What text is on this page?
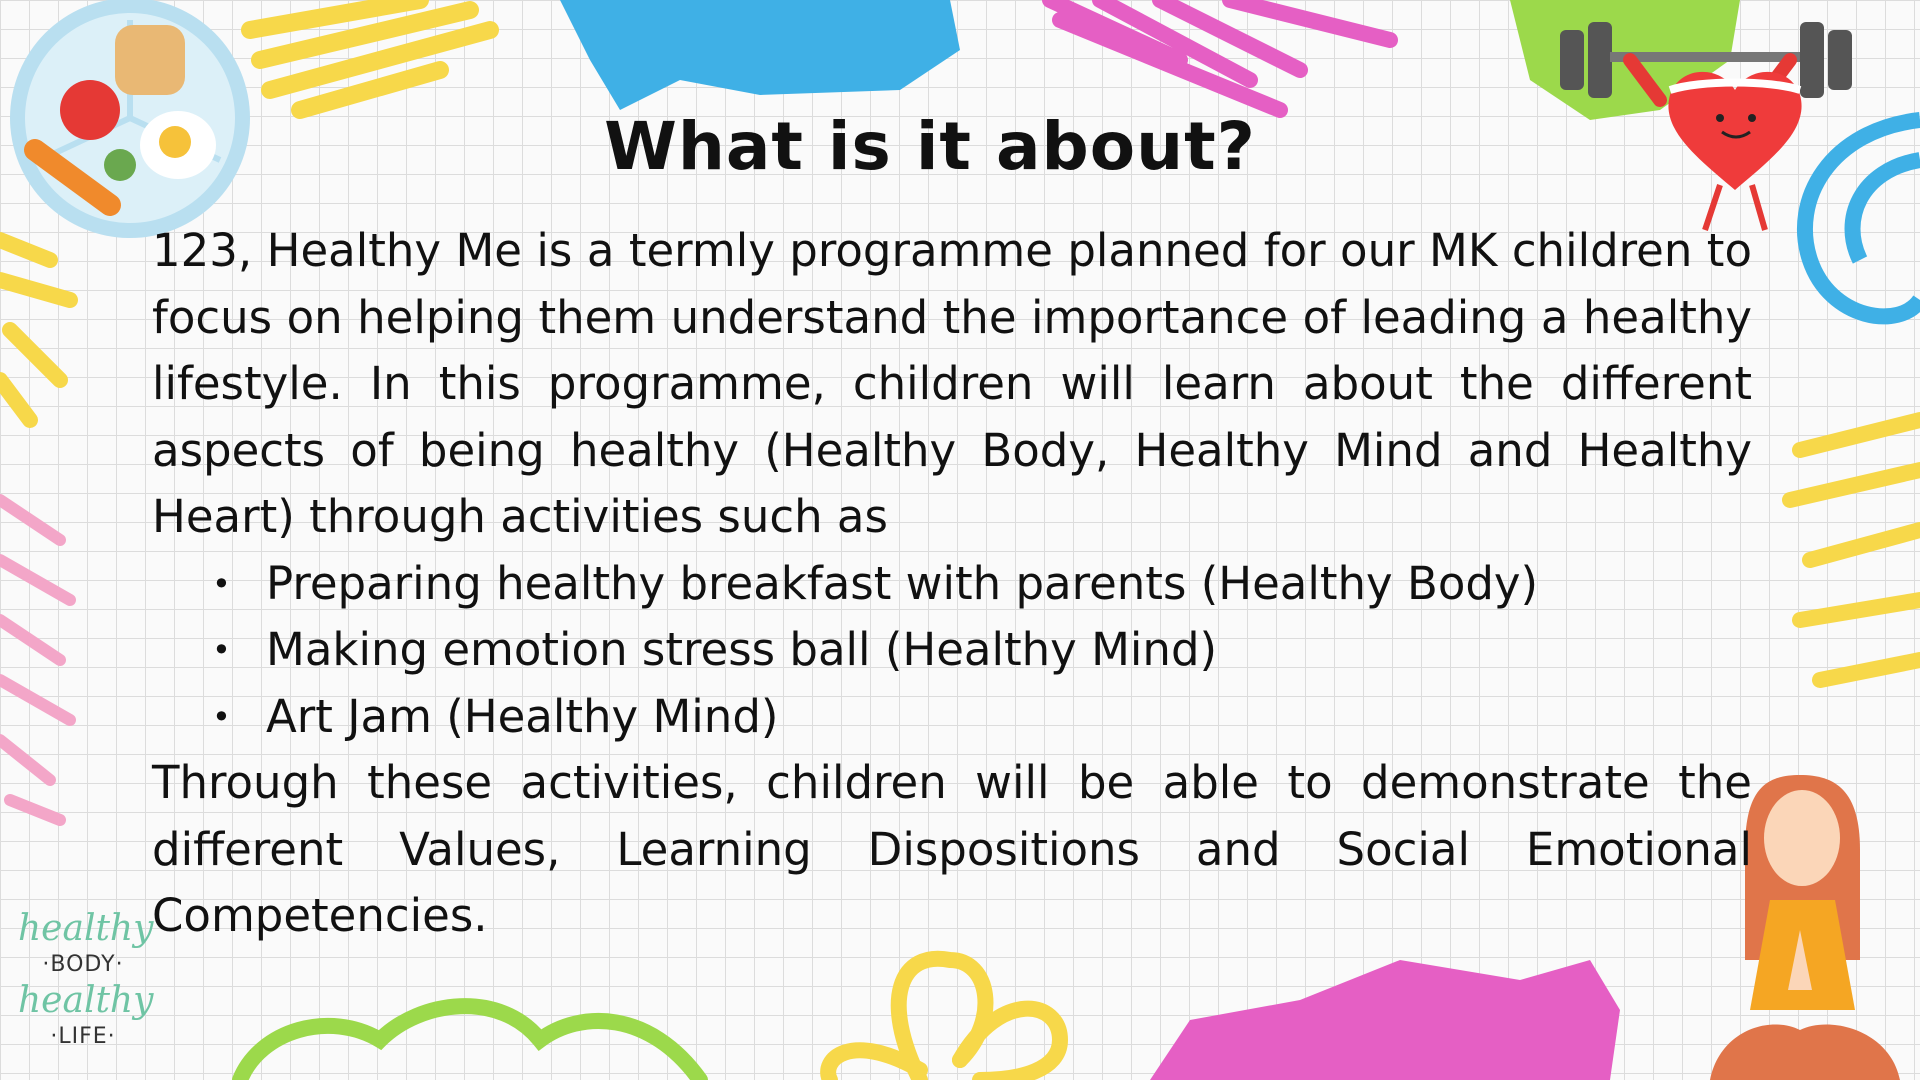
What is it about?

123, Healthy Me is a termly programme planned for our MK children to focus on helping them understand the importance of leading a healthy lifestyle. In this programme, children will learn about the different aspects of being healthy (Healthy Body, Healthy Mind and Healthy Heart) through activities such as

• Preparing healthy breakfast with parents (Healthy Body)
• Making emotion stress ball (Healthy Mind)
• Art Jam (Healthy Mind)

Through these activities, children will be able to demonstrate the different Values, Learning Dispositions and Social Emotional Competencies.

healthy
·BODY·
healthy
·LIFE·
